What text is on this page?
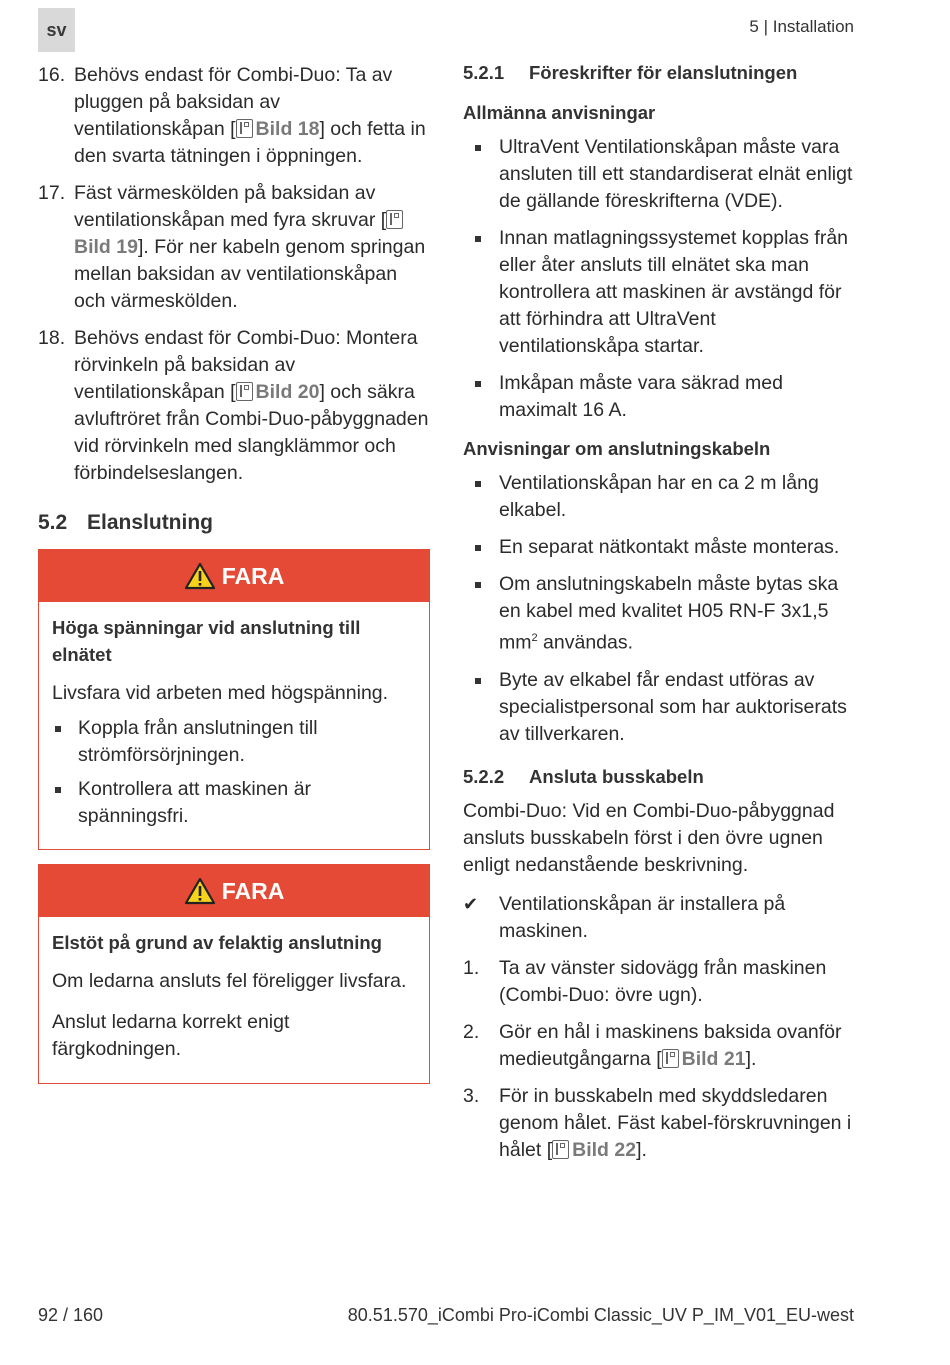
sv	5 | Installation
16. Behövs endast för Combi-Duo: Ta av pluggen på baksidan av ventilationskåpan [ Bild 18] och fetta in den svarta tätningen i öppningen.
17. Fäst värmeskölden på baksidan av ventilationskåpan med fyra skruvar [Bild 19]. För ner kabeln genom springan mellan baksidan av ventilationskåpan och värmeskölden.
18. Behövs endast för Combi-Duo: Montera rörvinkeln på baksidan av ventilationskåpan [ Bild 20] och säkra avluftröret från Combi-Duo-påbyggnaden vid rörvinkeln med slangklämmor och förbindelseslangen.
5.2 Elanslutning
FARA
Höga spänningar vid anslutning till elnätet
Livsfara vid arbeten med högspänning.
Koppla från anslutningen till strömförsörjningen.
Kontrollera att maskinen är spänningsfri.
FARA
Elstöt på grund av felaktig anslutning
Om ledarna ansluts fel föreligger livsfara.
Anslut ledarna korrekt enigt färgkodningen.
5.2.1 Föreskrifter för elanslutningen
Allmänna anvisningar
UltraVent Ventilationskåpan måste vara ansluten till ett standardiserat elnät enligt de gällande föreskrifterna (VDE).
Innan matlagningssystemet kopplas från eller åter ansluts till elnätet ska man kontrollera att maskinen är avstängd för att förhindra att UltraVent ventilationskåpa startar.
Imkåpan måste vara säkrad med maximalt 16 A.
Anvisningar om anslutningskabeln
Ventilationskåpan har en ca 2 m lång elkabel.
En separat nätkontakt måste monteras.
Om anslutningskabeln måste bytas ska en kabel med kvalitet H05 RN-F 3x1,5 $mm^2$ användas.
Byte av elkabel får endast utföras av specialistpersonal som har auktoriserats av tillverkaren.
5.2.2 Ansluta busskabeln
Combi-Duo: Vid en Combi-Duo-påbyggnad ansluts busskabeln först i den övre ugnen enligt nedanstående beskrivning.
✔ Ventilationskåpan är installera på maskinen.
1. Ta av vänster sidovägg från maskinen (Combi-Duo: övre ugn).
2. Gör en hål i maskinens baksida ovanför medieutgångarna [ Bild 21].
3. För in busskabeln med skyddsledaren genom hålet. Fäst kabel-förskruvningen i hålet [ Bild 22].
92 / 160	80.51.570_iCombi Pro-iCombi Classic_UV P_IM_V01_EU-west
